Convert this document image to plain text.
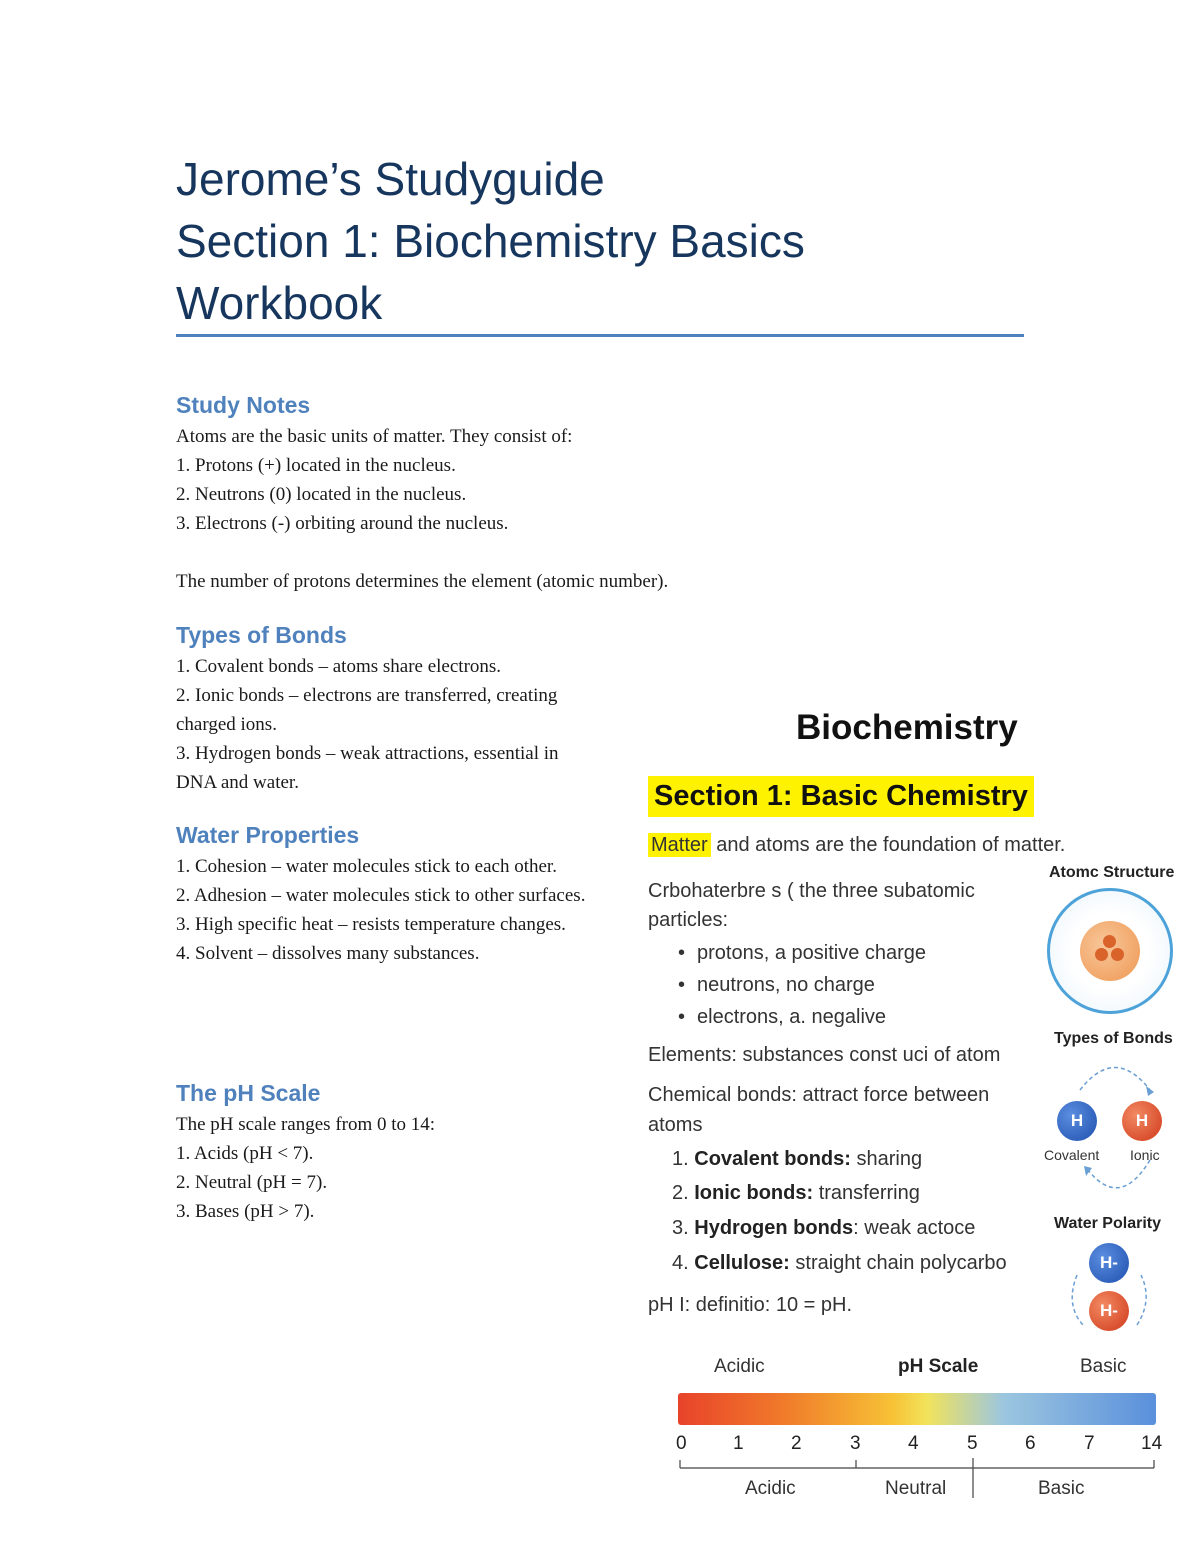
Jerome’s Studyguide
Section 1: Biochemistry Basics
Workbook
Study Notes
Atoms are the basic units of matter. They consist of:
1. Protons (+) located in the nucleus.
2. Neutrons (0) located in the nucleus.
3. Electrons (-) orbiting around the nucleus.
The number of protons determines the element (atomic number).
Types of Bonds
1. Covalent bonds – atoms share electrons.
2. Ionic bonds – electrons are transferred, creating charged ions.
3. Hydrogen bonds – weak attractions, essential in DNA and water.
Water Properties
1. Cohesion – water molecules stick to each other.
2. Adhesion – water molecules stick to other surfaces.
3. High specific heat – resists temperature changes.
4. Solvent – dissolves many substances.
The pH Scale
The pH scale ranges from 0 to 14:
1. Acids (pH < 7).
2. Neutral (pH = 7).
3. Bases (pH > 7).
Biochemistry
Section 1: Basic Chemistry
Matter and atoms are the foundation of matter.
Crbohaterbre s ( the three subatomic
particles:
• protons, a positive charge
• neutrons, no charge
• electrons, a. negalive
Elements: substances const uci of atom
Chemical bonds: attract force between
atoms
1. Covalent bonds: sharing
2. Ionic bonds: transferring
3. Hydrogen bonds: weak actoce
4. Cellulose: straight chain polycarbo
pH I: definitio: 10 = pH.
Atomc Structure
Types of Bonds
H	H
Covalent Ionic
Water Polarity
H-
H-
Acidic	pH Scale	Basic
0 1 2	3 4	5 6	7 14
Acidic	Neutral	Basic
